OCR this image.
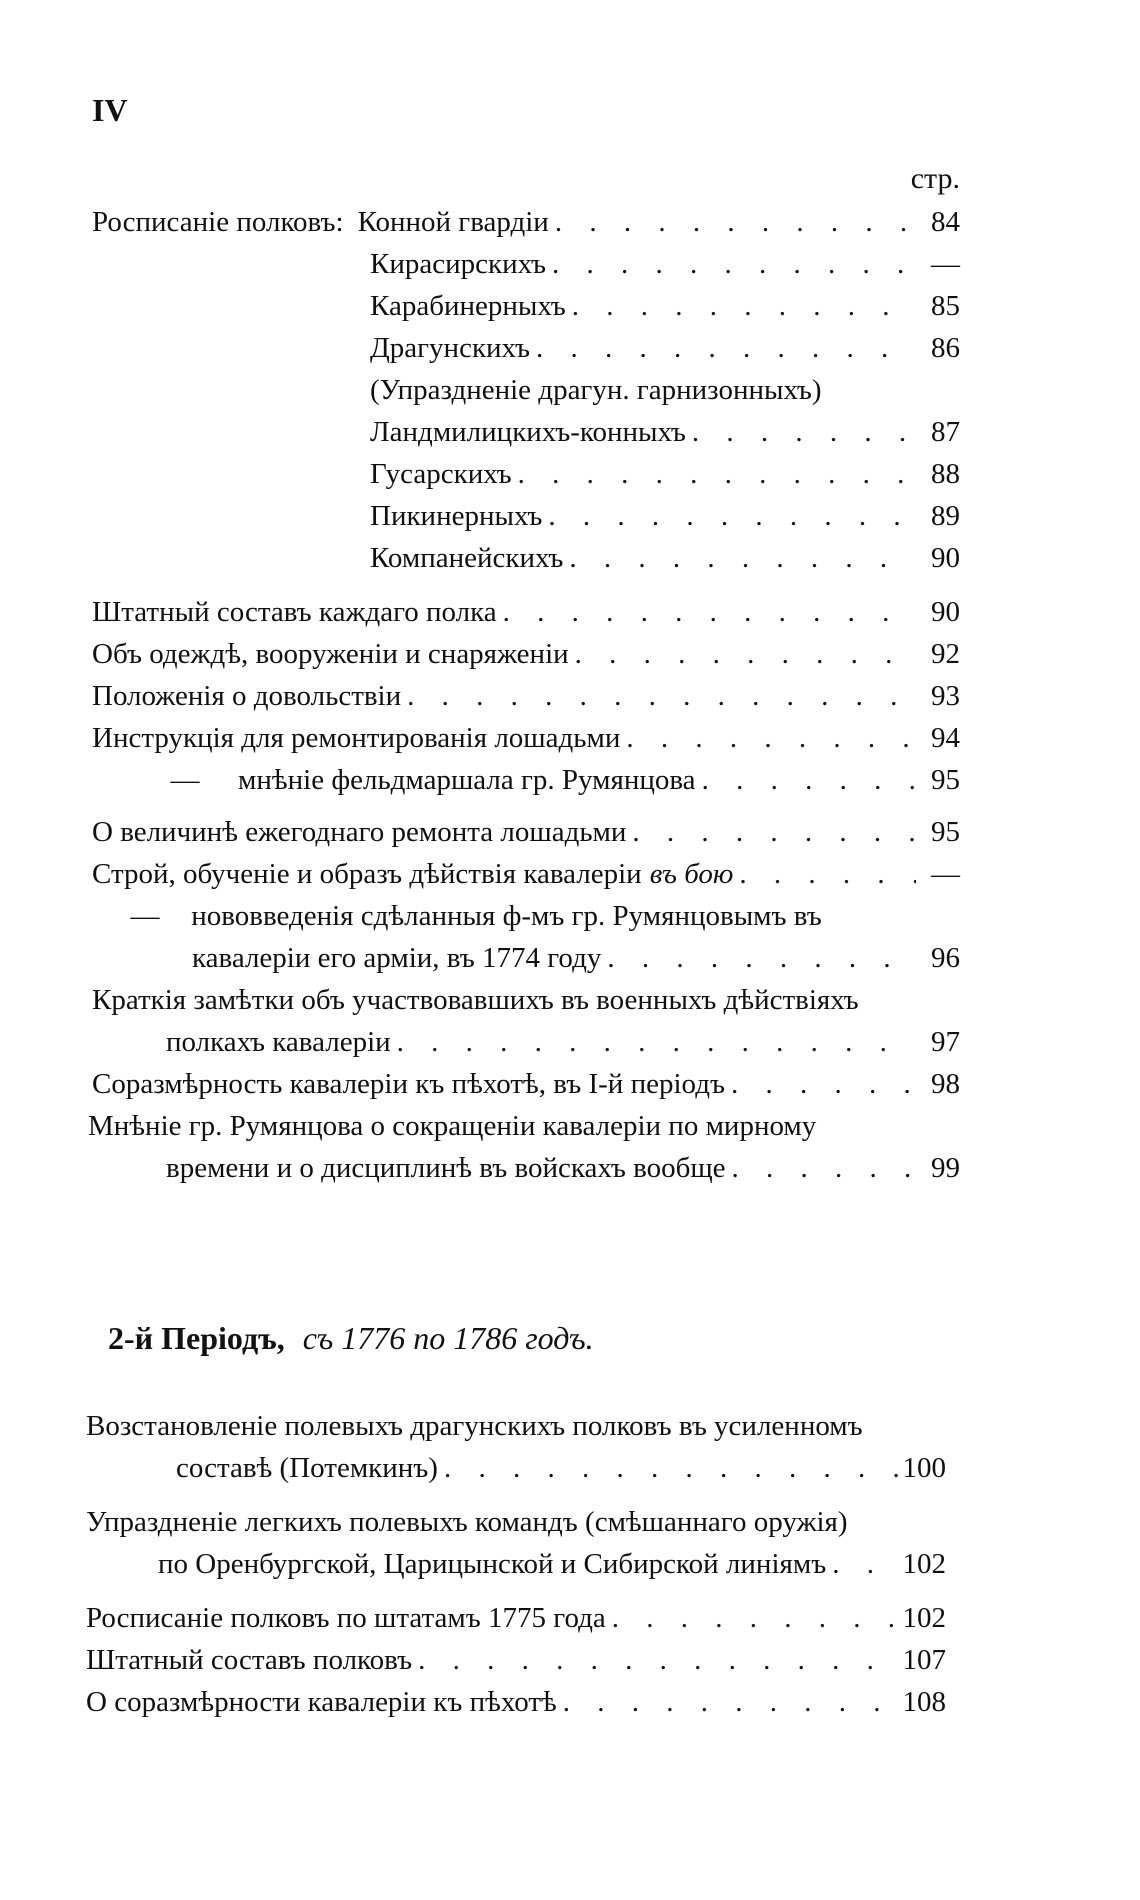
IV
стр.
Росписаніе полковъ: Конной гвардіи . . .	84
Кирасирскихъ . . .	—
Карабинерныхъ . . .	85
Драгунскихъ . . .	86
(Упраздненіе драгун. гарнизонныхъ)
Ландмилицкихъ-конныхъ . . .	87
Гусарскихъ . . .	88
Пикинерныхъ . . .	89
Компанейскихъ . . .	90
Штатный составъ каждаго полка . . .	90
Объ одеждѣ, вооруженіи и снаряженіи . . .	92
Положенія о довольствіи . . .	93
Инструкція для ремонтированія лошадьми . . .	94
—	мнѣніе фельдмаршала гр. Румянцова . . .	95
О величинѣ ежегоднаго ремонта лошадьми . . .	95
Строй, обученіе и образъ дѣйствія кавалеріи въ бою . . .	—
— нововведенія сдѣланныя ф-мъ гр. Румянцовымъ въ
кавалеріи его арміи, въ 1774 году . . .	96
Краткія замѣтки объ участвовавшихъ въ военныхъ дѣйствіяхъ
полкахъ кавалеріи . . .	97
Соразмѣрность кавалеріи къ пѣхотѣ, въ I-й періодъ . . .	98
Мнѣніе гр. Румянцова о сокращеніи кавалеріи по мирному
времени и о дисциплинѣ въ войскахъ вообще . . .	99
2-й Періодъ, съ 1776 по 1786 годъ.
Возстановленіе полевыхъ драгунскихъ полковъ въ усиленномъ
составѣ (Потемкинъ) . . .	100
Упраздненіе легкихъ полевыхъ командъ (смѣшаннаго оружія)
по Оренбургской, Царицынской и Сибирской линіямъ . . .	102
Росписаніе полковъ по штатамъ 1775 года . . .	102
Штатный составъ полковъ . . .	107
О соразмѣрности кавалеріи къ пѣхотѣ . . .	108
